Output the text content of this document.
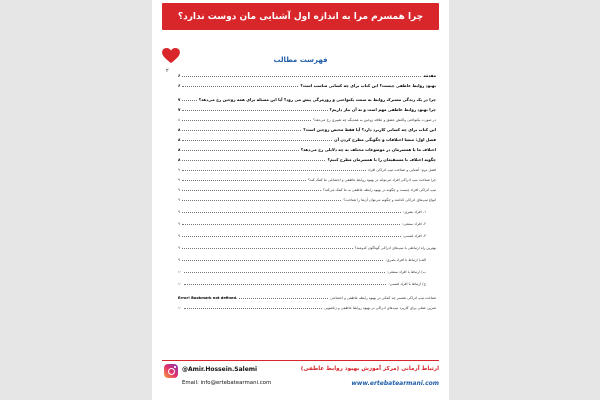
چرا همسرم مرا به اندازه اول آشنایی مان دوست ندارد؟
۲
فهرست مطالب
مقدمه
۶
بهبود روابط عاطفی چیست؟ این کتاب برای چه کسانی مناسب است؟
۶
چرا در یک زندگی مشترک روابط به سمت یکنواختی و روزمرگی پیش می رود؟ آیا این مسئله برای همه زوجین رخ می‌دهد؟
۷
چرا بهبود روابط عاطفی مهم است و به آن نیاز داریم؟
۷
در صورت یکنواختی واکنش عشق و علاقه زوجین به همدیگه چه تغییری رخ می‌دهد؟
۸
این کتاب برای چه کسانی کاربرد دارد؟ آیا فقط مختص زوجین است؟
۸
فصل اول: منشا اختلافات و چگونگی مطرح کردن آن
۸
اختلاف ما با همسرمان در موضوعات مختلف به چه دلایلی رخ می‌دهد؟
۸
چگونه اختلاف با مستقیمان را با همسرمان مطرح کنیم؟
۸
فصل دوم: آشنایی و شناخت تیپ ادراکی افراد
۹
چرا شناخت تیپ ادراکی افراد می‌تواند در بهبود روابط عاطفی و اجتماعی ما کمک کند؟
۹
تیپ ادراکی افراد چیست و چگونه در بهبود رابطه عاطفی به ما کمک می‌کند؟
۹
انواع تیپ‌های ادراکی کدامند و چگونه می‌توان آن‌ها را شناخت؟
۹
۱- افراد بصری:
۹
۲- افراد سمعی:
۹
۳- افراد لمسی:
۹
بهترین راه ارتباطی با تیپ‌های ادراکی گوناگون کدومند؟
۹
الف) ارتباط با افراد بصری:
۹
ب) ارتباط با افراد سمعی:
۱۰
ج) ارتباط با افراد لمسی:
۱۰
شناخت تیپ ادراکی همسر چه کمکی در بهبود رابطه عاطفی و اجتماعی
Error! Bookmark not defined.
تمرین عملی برای کاربرد تیپ‌های ادراکی در بهبود روابط عاطفی و زناشویی
۱۰
@Amir.Hossein.Salemi
Email: info@ertebatearmani.com
ارتباط آرمانی (مرکز آموزش بهبود روابط عاطفی)
www.ertebatearmani.com
